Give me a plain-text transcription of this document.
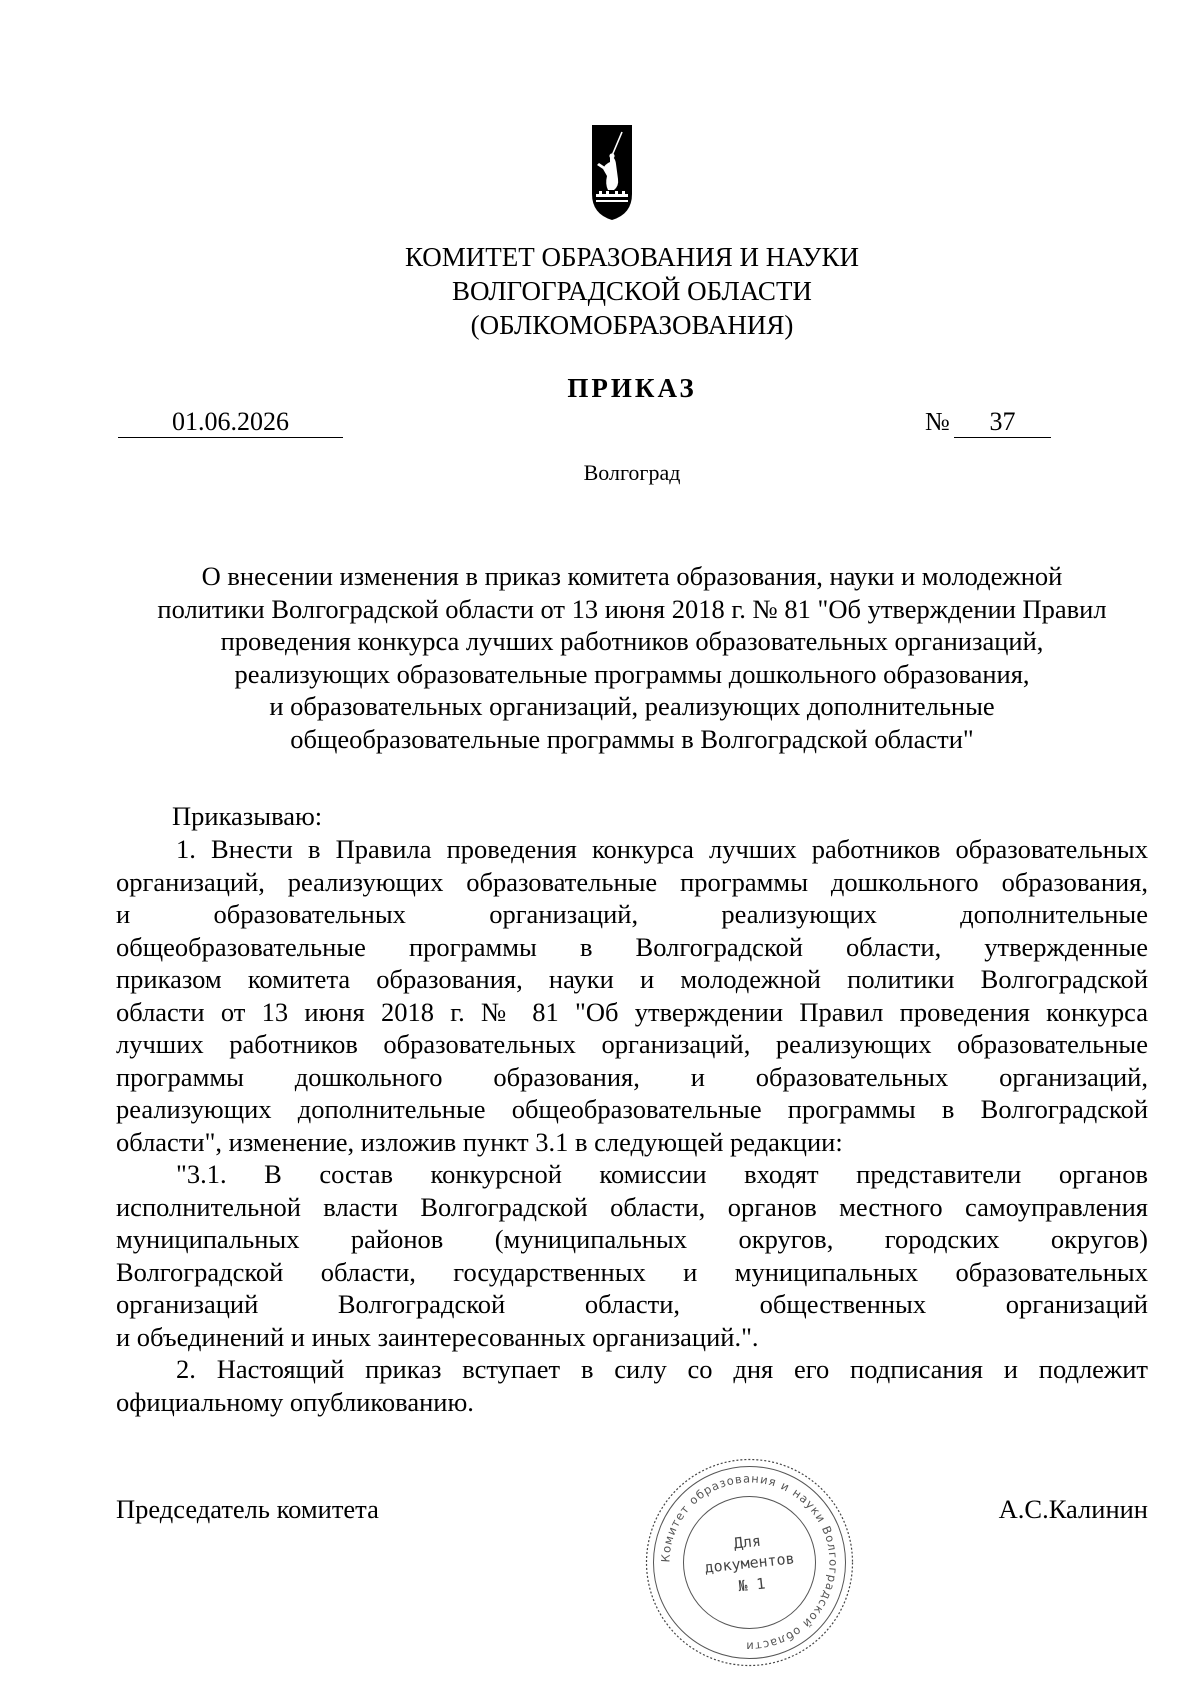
КОМИТЕТ ОБРАЗОВАНИЯ И НАУКИ
ВОЛГОГРАДСКОЙ ОБЛАСТИ
(ОБЛКОМОБРАЗОВАНИЯ)
ПРИКАЗ
01.06.2026	№	37
Волгоград
О внесении изменения в приказ комитета образования, науки и молодежной
политики Волгоградской области от 13 июня 2018 г. № 81 "Об утверждении Правил
проведения конкурса лучших работников образовательных организаций,
реализующих образовательные программы дошкольного образования,
и образовательных организаций, реализующих дополнительные
общеобразовательные программы в Волгоградской области"
Приказываю:
1. Внести в Правила проведения конкурса лучших работников образовательных
организаций, реализующих образовательные программы дошкольного образования,
и образовательных организаций, реализующих дополнительные
общеобразовательные программы в Волгоградской области, утвержденные
приказом комитета образования, науки и молодежной политики Волгоградской
области от 13 июня 2018 г. № 81 "Об утверждении Правил проведения конкурса
лучших работников образовательных организаций, реализующих образовательные
программы дошкольного образования, и образовательных организаций,
реализующих дополнительные общеобразовательные программы в Волгоградской
области", изменение, изложив пункт 3.1 в следующей редакции:
"3.1. В состав конкурсной комиссии входят представители органов
исполнительной власти Волгоградской области, органов местного самоуправления
муниципальных районов (муниципальных округов, городских округов)
Волгоградской области, государственных и муниципальных образовательных
организаций Волгоградской области, общественных организаций
и объединений и иных заинтересованных организаций.".
2. Настоящий приказ вступает в силу со дня его подписания и подлежит
официальному опубликованию.
Председатель комитета	А.С.Калинин
Комитет образования и науки Волгоградской области
Для
документов
№ 1
